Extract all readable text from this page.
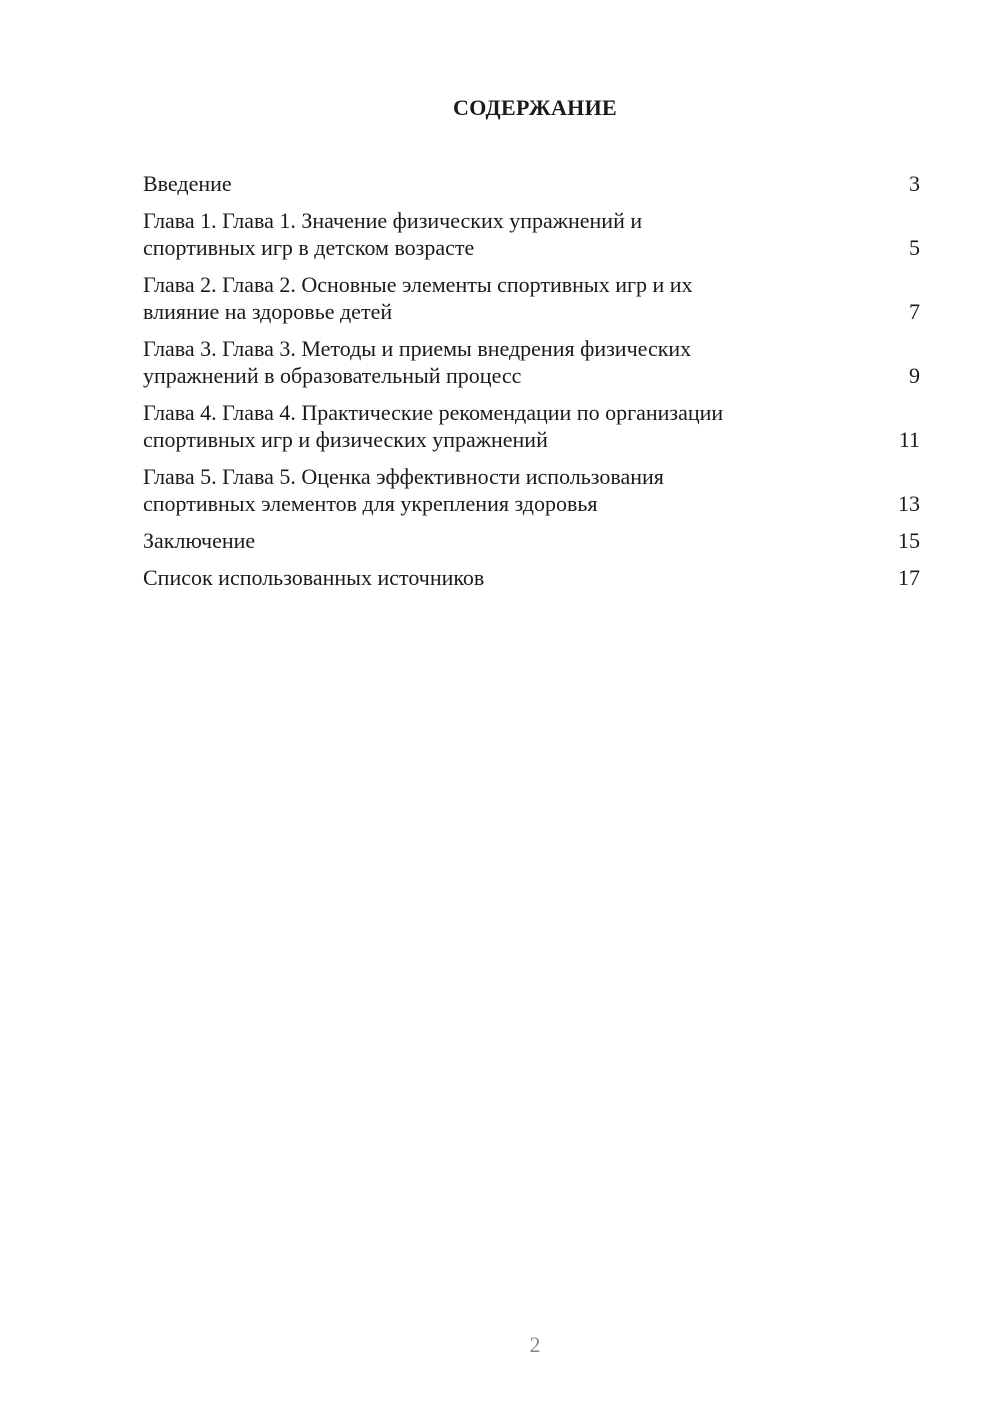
СОДЕРЖАНИЕ
Введение	3
Глава 1. Глава 1. Значение физических упражнений и
спортивных игр в детском возрасте	5
Глава 2. Глава 2. Основные элементы спортивных игр и их
влияние на здоровье детей	7
Глава 3. Глава 3. Методы и приемы внедрения физических
упражнений в образовательный процесс	9
Глава 4. Глава 4. Практические рекомендации по организации
спортивных игр и физических упражнений	11
Глава 5. Глава 5. Оценка эффективности использования
спортивных элементов для укрепления здоровья	13
Заключение	15
Список использованных источников	17
2
